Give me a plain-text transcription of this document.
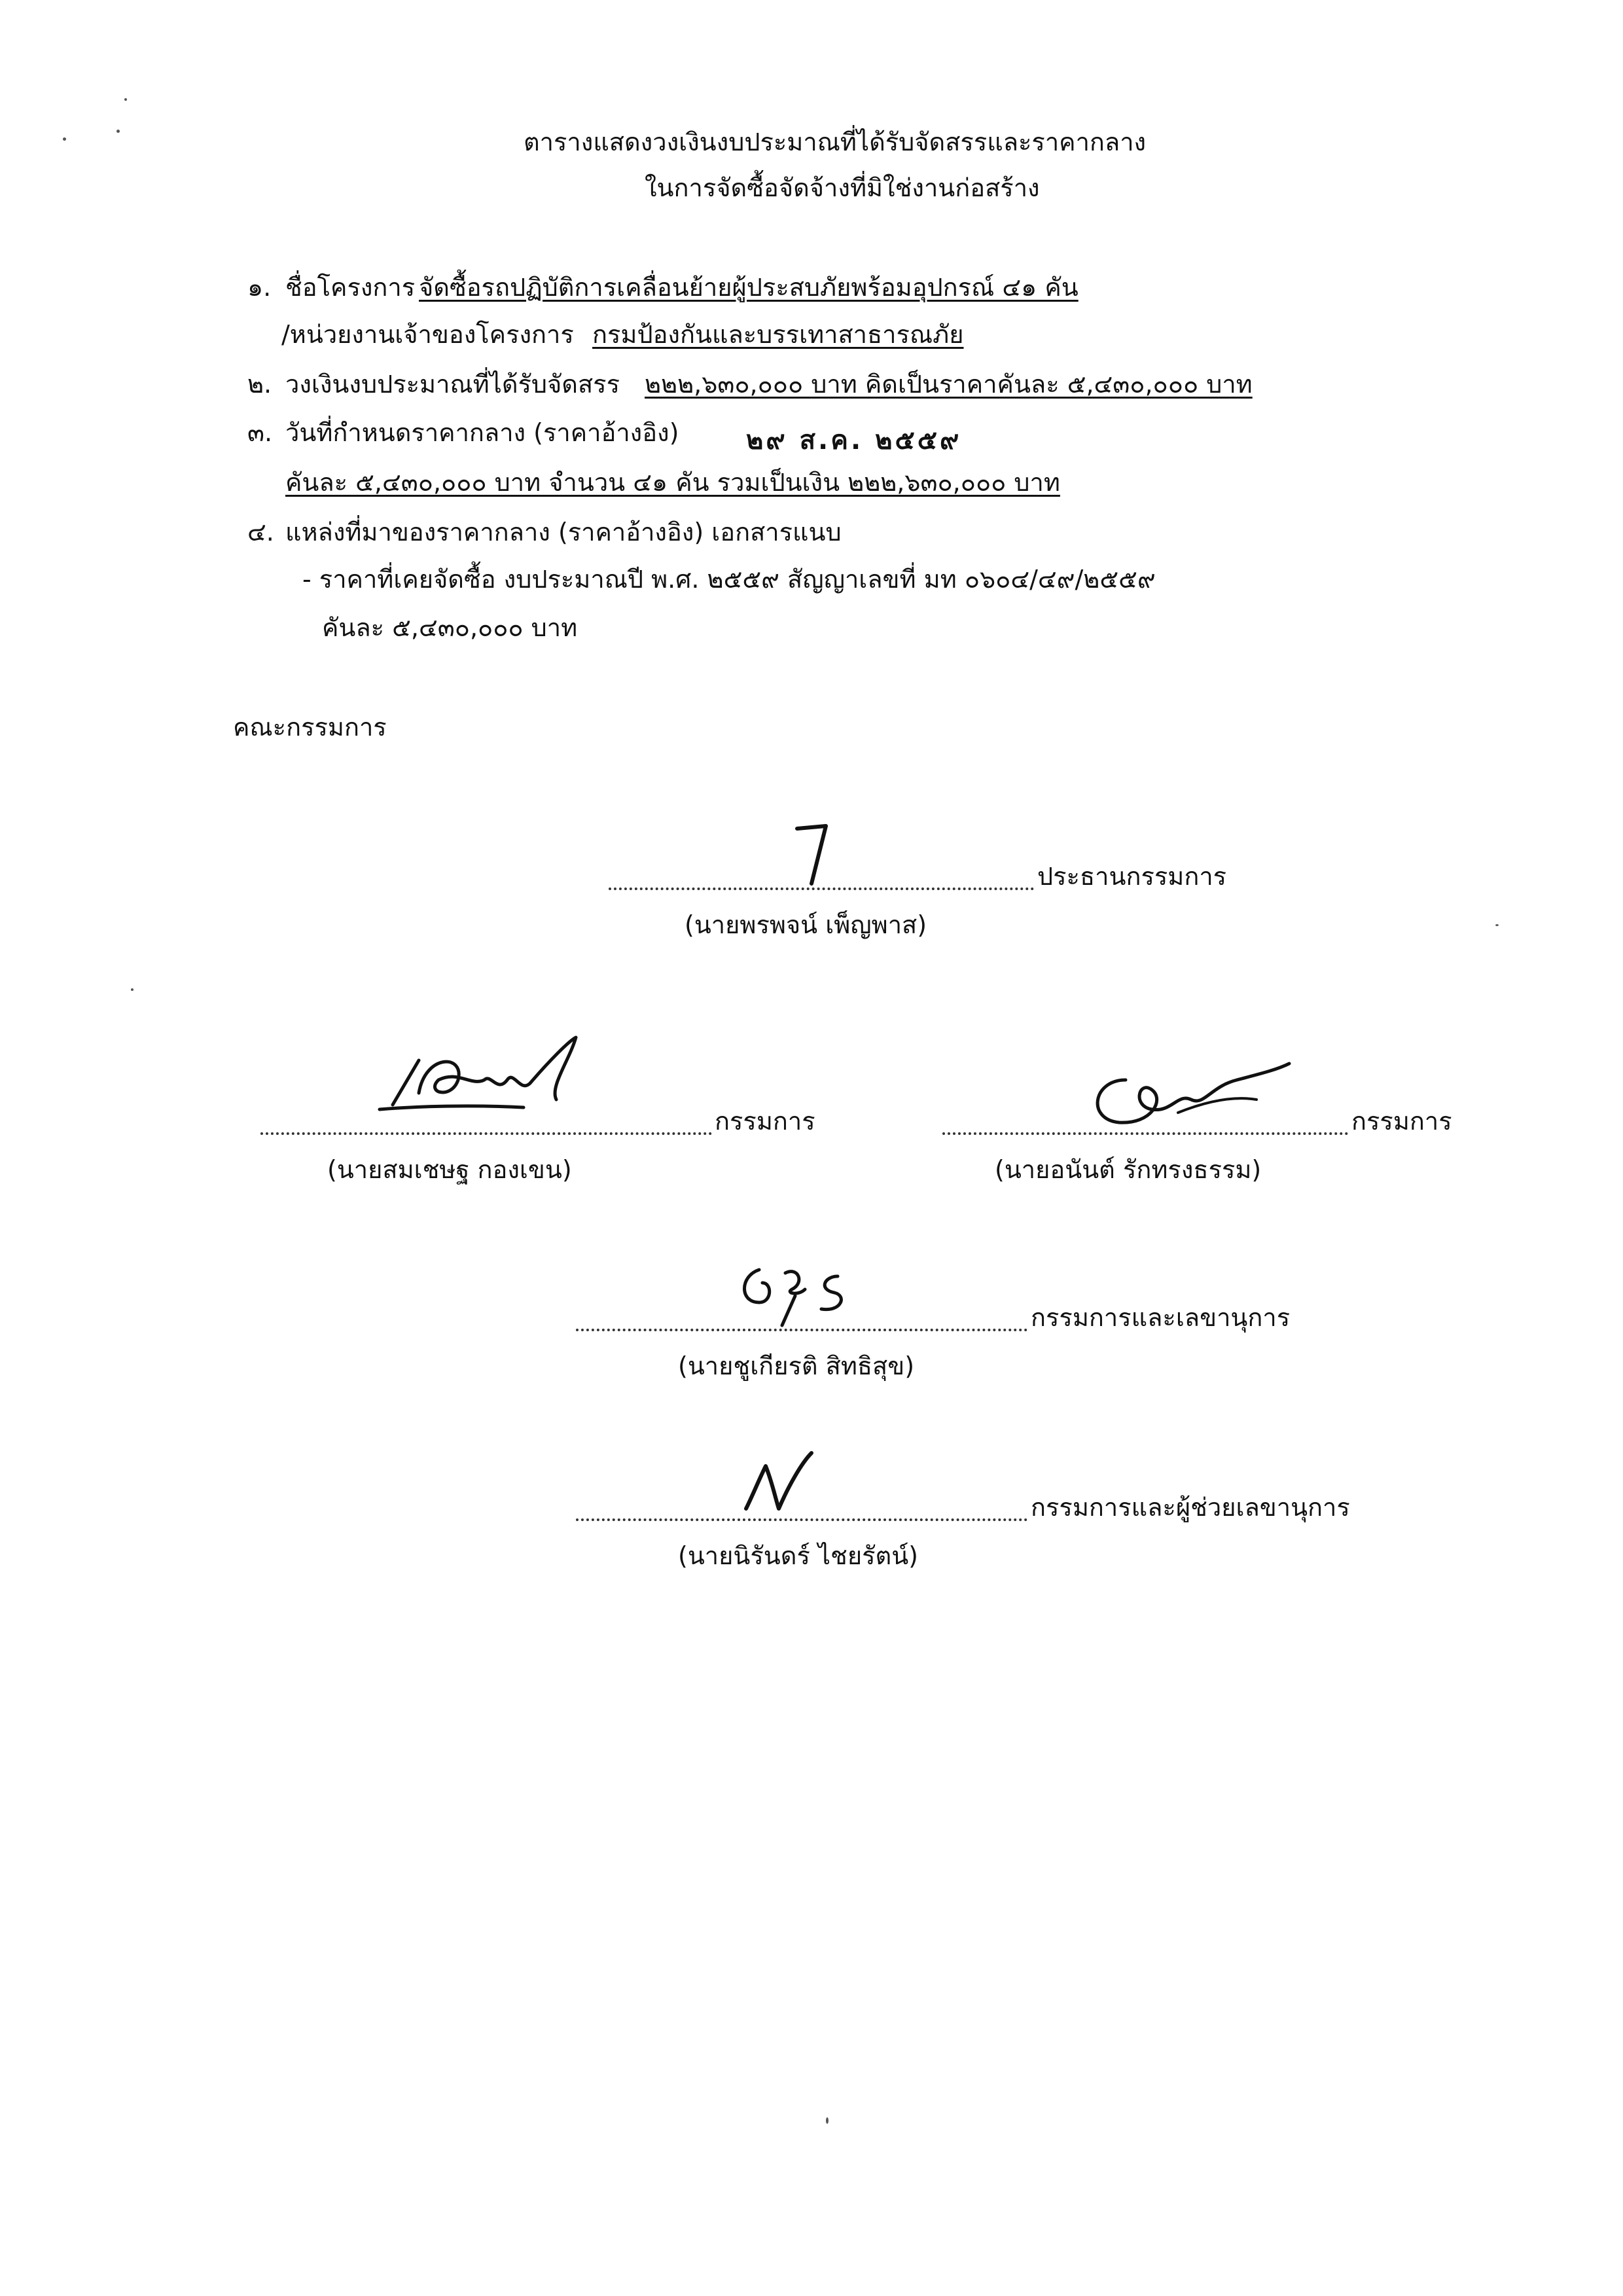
ตารางแสดงวงเงินงบประมาณที่ได้รับจัดสรรและราคากลาง
ในการจัดซื้อจัดจ้างที่มิใช่งานก่อสร้าง
๑. ชื่อโครงการ จัดซื้อรถปฏิบัติการเคลื่อนย้ายผู้ประสบภัยพร้อมอุปกรณ์ ๔๑ คัน
/หน่วยงานเจ้าของโครงการ กรมป้องกันและบรรเทาสาธารณภัย
๒. วงเงินงบประมาณที่ได้รับจัดสรร ๒๒๒,๖๓๐,๐๐๐ บาท คิดเป็นราคาคันละ ๕,๔๓๐,๐๐๐ บาท
๓. วันที่กำหนดราคากลาง (ราคาอ้างอิง)	๒๙ ส.ค. ๒๕๕๙
คันละ ๕,๔๓๐,๐๐๐ บาท จำนวน ๔๑ คัน รวมเป็นเงิน ๒๒๒,๖๓๐,๐๐๐ บาท
๔. แหล่งที่มาของราคากลาง (ราคาอ้างอิง) เอกสารแนบ
- ราคาที่เคยจัดซื้อ งบประมาณปี พ.ศ. ๒๕๕๙ สัญญาเลขที่ มท ๐๖๐๔/๔๙/๒๕๕๙
คันละ ๕,๔๓๐,๐๐๐ บาท
คณะกรรมการ
ประธานกรรมการ
(นายพรพจน์ เพ็ญพาส)
กรรมการ
(นายสมเชษฐ กองเขน)
กรรมการ
(นายอนันต์ รักทรงธรรม)
กรรมการและเลขานุการ
(นายชูเกียรติ สิทธิสุข)
กรรมการและผู้ช่วยเลขานุการ
(นายนิรันดร์ ไชยรัตน์)
